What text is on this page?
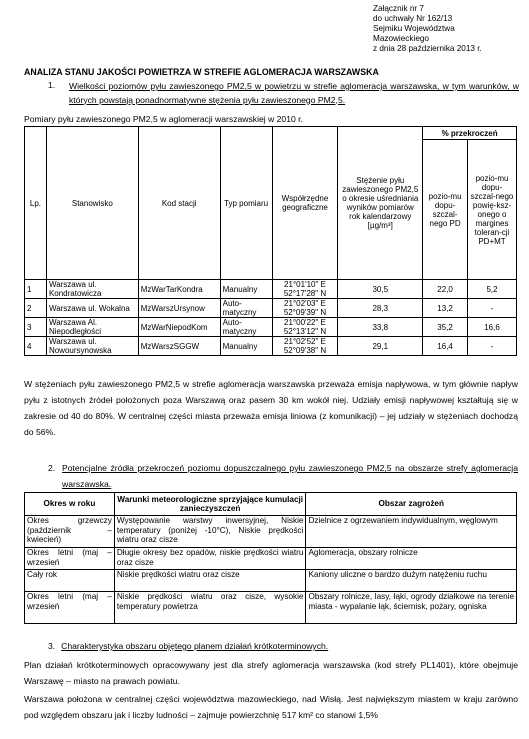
Załącznik nr 7
do uchwały Nr 162/13
Sejmiku Województwa
Mazowieckiego
z dnia 28 października 2013 r.
ANALIZA STANU JAKOŚCI POWIETRZA W STREFIE AGLOMERACJA WARSZAWSKA
1. Wielkości poziomów pyłu zawieszonego PM2,5 w powietrzu w strefie aglomeracja warszawska, w tym warunków, w których powstają ponadnormatywne stężenia pyłu zawieszonego PM2,5.
Pomiary pyłu zawieszonego PM2,5 w aglomeracji warszawskiej w 2010 r.
Lp.	Stanowisko	Kod stacji	Typ pomiaru	Współrzędne geograficzne	Stężenie pyłu zawieszonego PM2,5 o okresie uśredniania wyników pomiarów rok kalendarzowy [µg/m³]	% przekroczeń	
						pozio-mu dopu-szczal-nego PD	pozio-mu dopu-szczal-nego powię-ksz-onego o margines toleran-cji PD+MT
1	Warszawa ul. Kondratowicza	MzWarTarKondra	Manualny	21°01'10" E 52°17'28" N	30,5	22,0	5,2
2	Warszawa ul. Wokalna	MzWarszUrsynow	Auto-matyczny	21°02'03" E 52°09'39" N	28,3	13,2	-
3	Warszawa Al. Niepodległości	MzWarNiepodKom	Auto-matyczny	21°00'22" E 52°13'12" N	33,8	35,2	16,6
4	Warszawa ul. Nowoursynowska	MzWarszSGGW	Manualny	21°02'52" E 52°09'38" N	29,1	16,4	-
W stężeniach pyłu zawieszonego PM2,5 w strefie aglomeracja warszawska przeważa emisja napływowa, w tym głównie napływ pyłu z istotnych źródeł położonych poza Warszawą oraz pasem 30 km wokół niej. Udziały emisji napływowej kształtują się w zakresie od 40 do 80%. W centralnej części miasta przeważa emisja liniowa (z komunikacji) – jej udziały w stężeniach dochodzą do 56%.
2. Potencjalne źródła przekroczeń poziomu dopuszczalnego pyłu zawieszonego PM2,5 na obszarze strefy aglomeracja warszawska.
Okres w roku	Warunki meteorologiczne sprzyjające kumulacji zanieczyszczeń	Obszar zagrożeń
Okres grzewczy (październik – kwiecień)	Występowanie warstwy inwersyjnej, Niskie temperatury (poniżej -10°C), Niskie prędkości wiatru oraz cisze	Dzielnice z ogrzewaniem indywidualnym, węglowym
Okres letni (maj – wrzesień	Długie okresy bez opadów, niskie prędkości wiatru oraz cisze	Aglomeracja, obszary rolnicze
Cały rok	Niskie prędkości wiatru oraz cisze	Kaniony uliczne o bardzo dużym natężeniu ruchu
Okres letni (maj – wrzesień	Niskie prędkości wiatru oraz cisze, wysokie temperatury powietrza	Obszary rolnicze, lasy, łąki, ogrody działkowe na terenie miasta - wypalanie łąk, ściernisk, pożary, ogniska
3. Charakterystyka obszaru objętego planem działań krótkoterminowych.
Plan działań krótkoterminowych opracowywany jest dla strefy aglomeracja warszawska (kod strefy PL1401), które obejmuje Warszawę – miasto na prawach powiatu.
Warszawa położona w centralnej części województwa mazowieckiego, nad Wisłą. Jest największym miastem w kraju zarówno pod względem obszaru jak i liczby ludności – zajmuje powierzchnię 517 km² co stanowi 1,5%
